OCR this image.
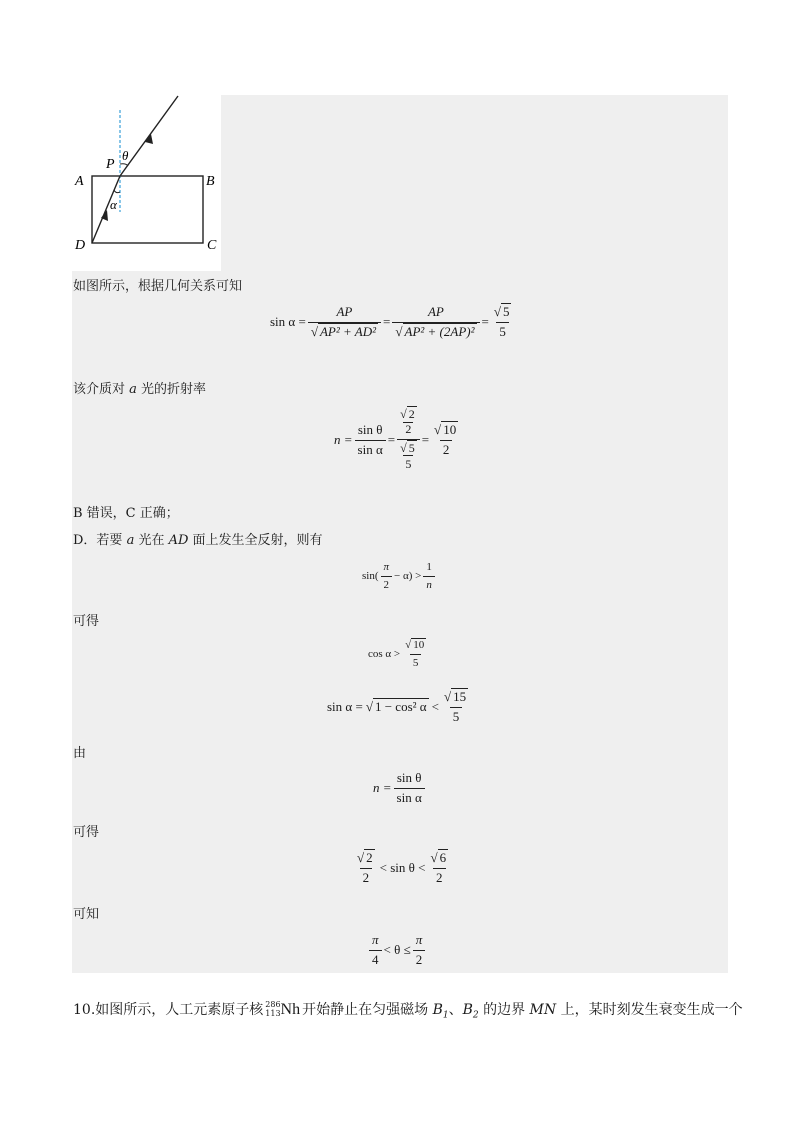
θ
P
A	B
α
D	C
如图所示，根据几何关系可知
$\sin \alpha = \frac{AP}{\text{√ AP² + AD²}} = \frac{AP}{\text{√ AP² + (2AP)²}} = \frac{√ 5}{5}$
该介质对 a 光的折射率
$n = \frac{\text{sin θ}}{\text{sin α}}$ = √ 2
2
√ 5
$5 = \frac{√ 10}{2}$
B 错误，C 正确；
D．若要 a 光在 AD 面上发生全反射，则有
$\sin( \frac{\pi}{2} - \alpha) > \frac{1}{n}$
可得
$\cos \alpha > \frac{√ 10}{5}$
sin α = √ 1 − cos² $\alpha < \frac{√ 15}{5}$
由
$n = \frac{\text{sin θ}}{\text{sin α}}$
可得
$\frac{√ 2}{2} < \sin \theta < \frac{√ 6}{2}$
可知
$\frac{\pi}{4} < \theta \le \frac{\pi}{2}$
10.如图所示，人工元素原子核 286
113 Nh 开始静止在匀强磁场 $B_1$、$B_2$ 的边界 MN 上，某时刻发生衰变生成一个
